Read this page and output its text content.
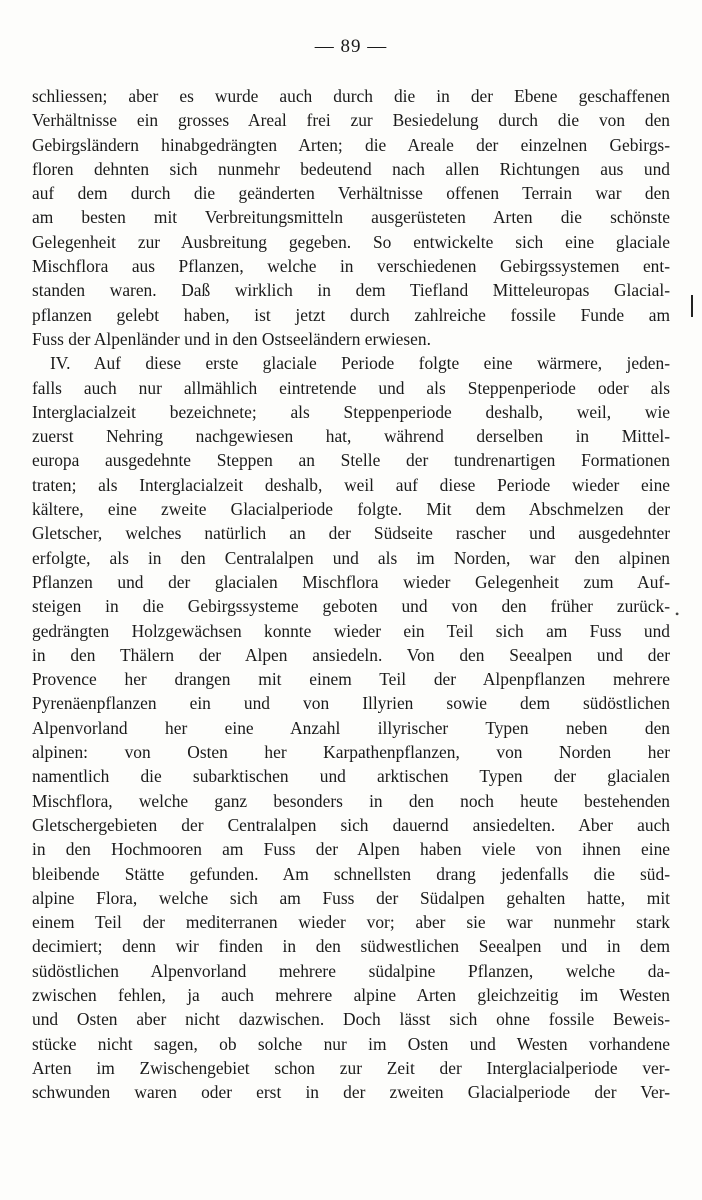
— 89 —
schliessen; aber es wurde auch durch die in der Ebene geschaffenen
Verhältnisse ein grosses Areal frei zur Besiedelung durch die von den
Gebirgsländern hinabgedrängten Arten; die Areale der einzelnen Gebirgs-
floren dehnten sich nunmehr bedeutend nach allen Richtungen aus und
auf dem durch die geänderten Verhältnisse offenen Terrain war den
am besten mit Verbreitungsmitteln ausgerüsteten Arten die schönste
Gelegenheit zur Ausbreitung gegeben. So entwickelte sich eine glaciale
Mischflora aus Pflanzen, welche in verschiedenen Gebirgssystemen ent-
standen waren. Daß wirklich in dem Tiefland Mitteleuropas Glacial-
pflanzen gelebt haben, ist jetzt durch zahlreiche fossile Funde am
Fuss der Alpenländer und in den Ostseeländern erwiesen.
IV. Auf diese erste glaciale Periode folgte eine wärmere, jeden-
falls auch nur allmählich eintretende und als Steppenperiode oder als
Interglacialzeit bezeichnete; als Steppenperiode deshalb, weil, wie
zuerst Nehring nachgewiesen hat, während derselben in Mittel-
europa ausgedehnte Steppen an Stelle der tundrenartigen Formationen
traten; als Interglacialzeit deshalb, weil auf diese Periode wieder eine
kältere, eine zweite Glacialperiode folgte. Mit dem Abschmelzen der
Gletscher, welches natürlich an der Südseite rascher und ausgedehnter
erfolgte, als in den Centralalpen und als im Norden, war den alpinen
Pflanzen und der glacialen Mischflora wieder Gelegenheit zum Auf-
steigen in die Gebirgssysteme geboten und von den früher zurück-
gedrängten Holzgewächsen konnte wieder ein Teil sich am Fuss und
in den Thälern der Alpen ansiedeln. Von den Seealpen und der
Provence her drangen mit einem Teil der Alpenpflanzen mehrere
Pyrenäenpflanzen ein und von Illyrien sowie dem südöstlichen
Alpenvorland her eine Anzahl illyrischer Typen neben den
alpinen: von Osten her Karpathenpflanzen, von Norden her
namentlich die subarktischen und arktischen Typen der glacialen
Mischflora, welche ganz besonders in den noch heute bestehenden
Gletschergebieten der Centralalpen sich dauernd ansiedelten. Aber auch
in den Hochmooren am Fuss der Alpen haben viele von ihnen eine
bleibende Stätte gefunden. Am schnellsten drang jedenfalls die süd-
alpine Flora, welche sich am Fuss der Südalpen gehalten hatte, mit
einem Teil der mediterranen wieder vor; aber sie war nunmehr stark
decimiert; denn wir finden in den südwestlichen Seealpen und in dem
südöstlichen Alpenvorland mehrere südalpine Pflanzen, welche da-
zwischen fehlen, ja auch mehrere alpine Arten gleichzeitig im Westen
und Osten aber nicht dazwischen. Doch lässt sich ohne fossile Beweis-
stücke nicht sagen, ob solche nur im Osten und Westen vorhandene
Arten im Zwischengebiet schon zur Zeit der Interglacialperiode ver-
schwunden waren oder erst in der zweiten Glacialperiode der Ver-
•
